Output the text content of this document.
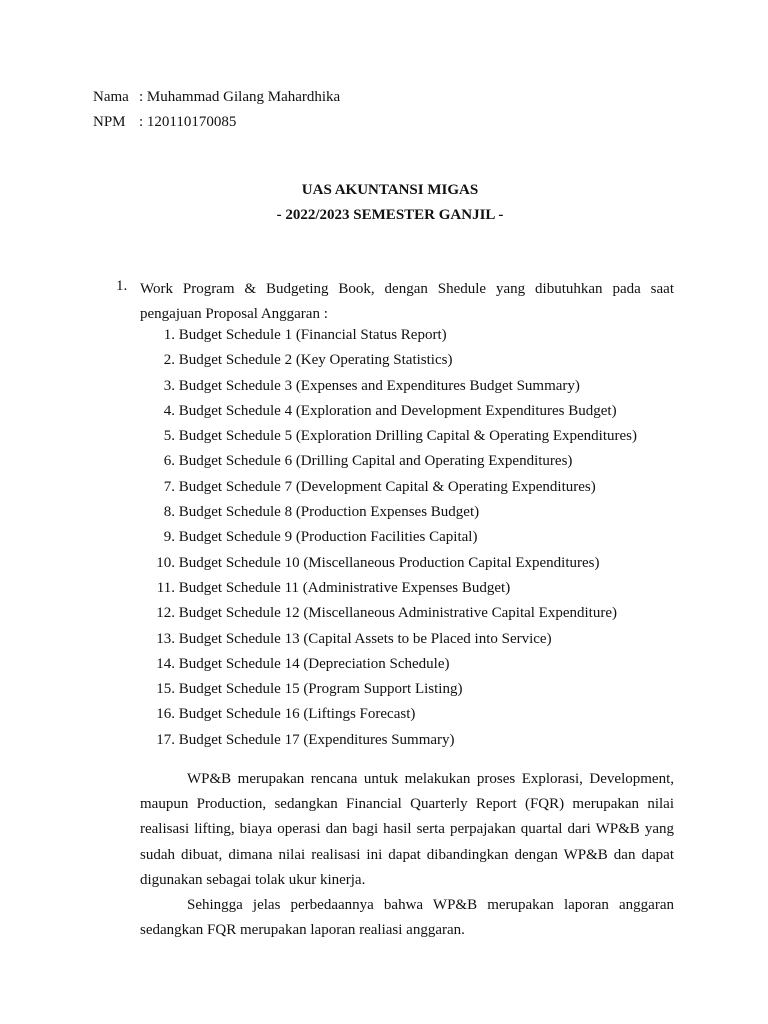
Nama : Muhammad Gilang Mahardhika
NPM : 120110170085
UAS AKUNTANSI MIGAS
- 2022/2023 SEMESTER GANJIL -
1. Work Program & Budgeting Book, dengan Shedule yang dibutuhkan pada saat pengajuan Proposal Anggaran :
1. Budget Schedule 1 (Financial Status Report)
2. Budget Schedule 2 (Key Operating Statistics)
3. Budget Schedule 3 (Expenses and Expenditures Budget Summary)
4. Budget Schedule 4 (Exploration and Development Expenditures Budget)
5. Budget Schedule 5 (Exploration Drilling Capital & Operating Expenditures)
6. Budget Schedule 6 (Drilling Capital and Operating Expenditures)
7. Budget Schedule 7 (Development Capital & Operating Expenditures)
8. Budget Schedule 8 (Production Expenses Budget)
9. Budget Schedule 9 (Production Facilities Capital)
10. Budget Schedule 10 (Miscellaneous Production Capital Expenditures)
11. Budget Schedule 11 (Administrative Expenses Budget)
12. Budget Schedule 12 (Miscellaneous Administrative Capital Expenditure)
13. Budget Schedule 13 (Capital Assets to be Placed into Service)
14. Budget Schedule 14 (Depreciation Schedule)
15. Budget Schedule 15 (Program Support Listing)
16. Budget Schedule 16 (Liftings Forecast)
17. Budget Schedule 17 (Expenditures Summary)

WP&B merupakan rencana untuk melakukan proses Explorasi, Development, maupun Production, sedangkan Financial Quarterly Report (FQR) merupakan nilai realisasi lifting, biaya operasi dan bagi hasil serta perpajakan quartal dari WP&B yang sudah dibuat, dimana nilai realisasi ini dapat dibandingkan dengan WP&B dan dapat digunakan sebagai tolak ukur kinerja.

Sehingga jelas perbedaannya bahwa WP&B merupakan laporan anggaran sedangkan FQR merupakan laporan realiasi anggaran.
